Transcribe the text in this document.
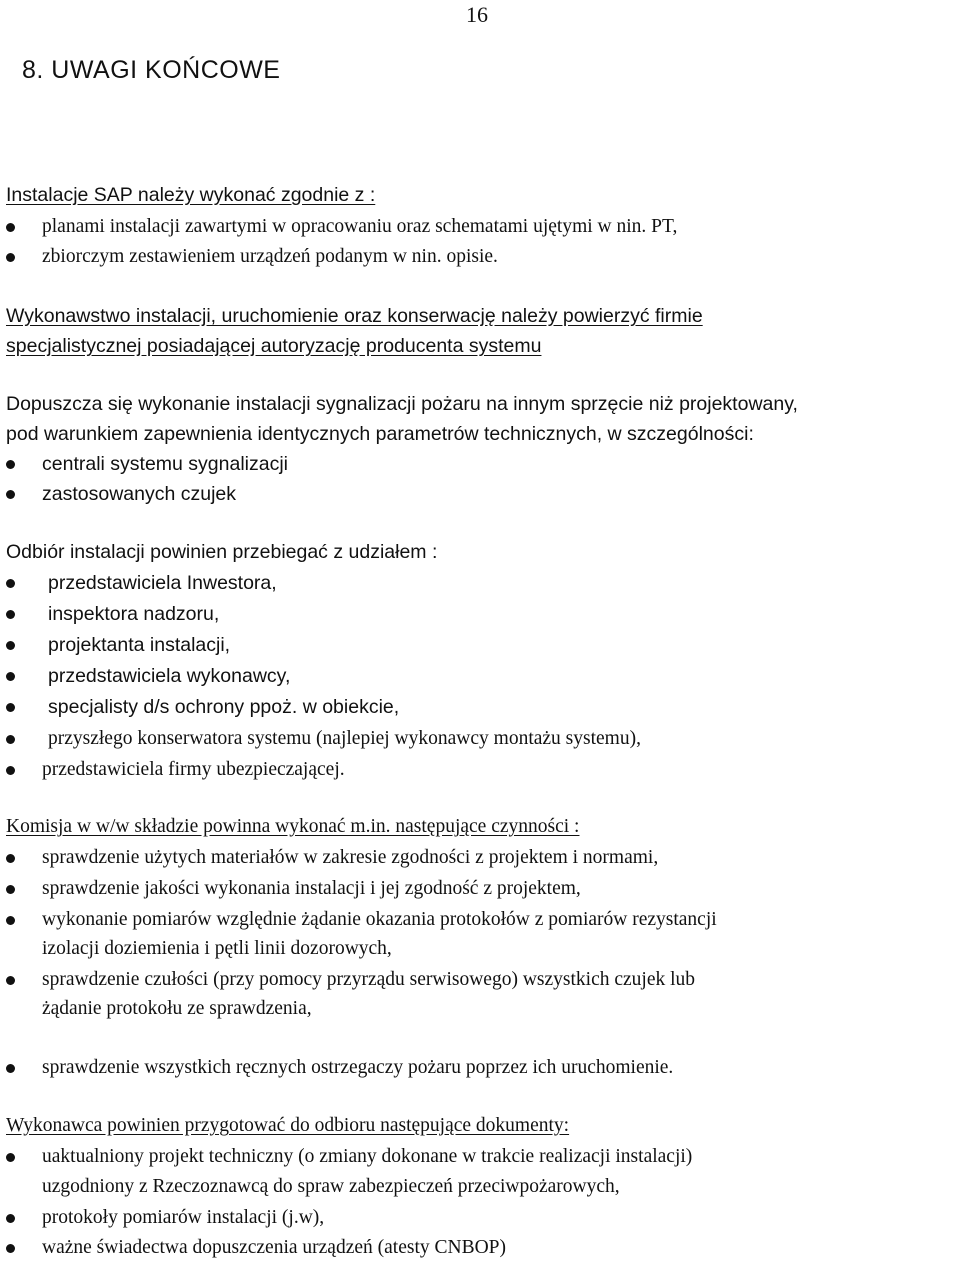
16
8. UWAGI KOŃCOWE
Instalacje SAP należy wykonać zgodnie z :
planami instalacji zawartymi w opracowaniu oraz schematami ujętymi w nin. PT,
zbiorczym zestawieniem urządzeń podanym w nin. opisie.
Wykonawstwo instalacji, uruchomienie oraz konserwację należy powierzyć firmie
specjalistycznej posiadającej autoryzację producenta systemu
Dopuszcza się wykonanie instalacji sygnalizacji pożaru na innym sprzęcie niż projektowany,
pod warunkiem zapewnienia identycznych parametrów technicznych, w szczególności:
centrali systemu sygnalizacji
zastosowanych czujek
Odbiór instalacji powinien przebiegać z udziałem :
przedstawiciela Inwestora,
inspektora nadzoru,
projektanta instalacji,
przedstawiciela wykonawcy,
specjalisty d/s ochrony ppoż. w obiekcie,
przyszłego konserwatora systemu (najlepiej wykonawcy montażu systemu),
przedstawiciela firmy ubezpieczającej.
Komisja w w/w składzie powinna wykonać m.in. następujące czynności :
sprawdzenie użytych materiałów w zakresie zgodności z projektem i normami,
sprawdzenie jakości wykonania instalacji i jej zgodność z projektem,
wykonanie pomiarów względnie żądanie okazania protokołów z pomiarów rezystancji
izolacji doziemienia i pętli linii dozorowych,
sprawdzenie czułości (przy pomocy przyrządu serwisowego) wszystkich czujek lub
żądanie protokołu ze sprawdzenia,
sprawdzenie wszystkich ręcznych ostrzegaczy pożaru poprzez ich uruchomienie.
Wykonawca powinien przygotować do odbioru następujące dokumenty:
uaktualniony projekt techniczny (o zmiany dokonane w trakcie realizacji instalacji)
uzgodniony z Rzeczoznawcą do spraw zabezpieczeń przeciwpożarowych,
protokoły pomiarów instalacji (j.w),
ważne świadectwa dopuszczenia urządzeń (atesty CNBOP)
